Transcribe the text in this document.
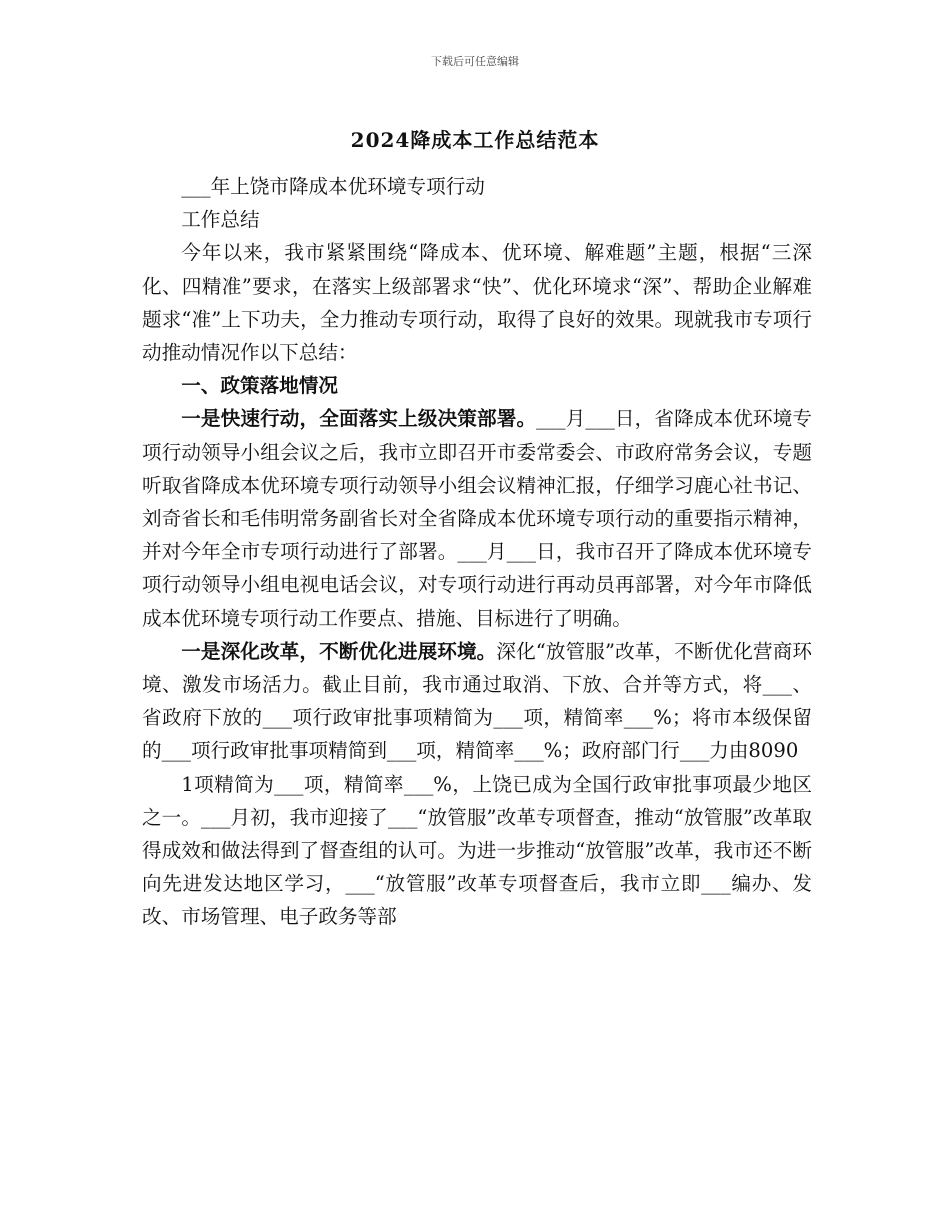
下载后可任意编辑
2024降成本工作总结范本

___年上饶市降成本优环境专项行动

工作总结

今年以来，我市紧紧围绕“降成本、优环境、解难题”主题，根据“三深化、四精准”要求，在落实上级部署求“快”、优化环境求“深”、帮助企业解难题求“准”上下功夫，全力推动专项行动，取得了良好的效果。现就我市专项行动推动情况作以下总结：

一、政策落地情况

一是快速行动，全面落实上级决策部署。___月___日，省降成本优环境专项行动领导小组会议之后，我市立即召开市委常委会、市政府常务会议，专题听取省降成本优环境专项行动领导小组会议精神汇报，仔细学习鹿心社书记、刘奇省长和毛伟明常务副省长对全省降成本优环境专项行动的重要指示精神，并对今年全市专项行动进行了部署。___月___日，我市召开了降成本优环境专项行动领导小组电视电话会议，对专项行动进行再动员再部署，对今年市降低成本优环境专项行动工作要点、措施、目标进行了明确。

一是深化改革，不断优化进展环境。深化“放管服”改革，不断优化营商环境、激发市场活力。截止目前，我市通过取消、下放、合并等方式，将___、省政府下放的___项行政审批事项精简为___项，精简率___%；将市本级保留的___项行政审批事项精简到___项，精简率___%；政府部门行___力由8090

1项精简为___项，精简率___%，上饶已成为全国行政审批事项最少地区之一。___月初，我市迎接了___“放管服”改革专项督查，推动“放管服”改革取得成效和做法得到了督查组的认可。为进一步推动“放管服”改革，我市还不断向先进发达地区学习，___“放管服”改革专项督查后，我市立即___编办、发改、市场管理、电子政务等部
